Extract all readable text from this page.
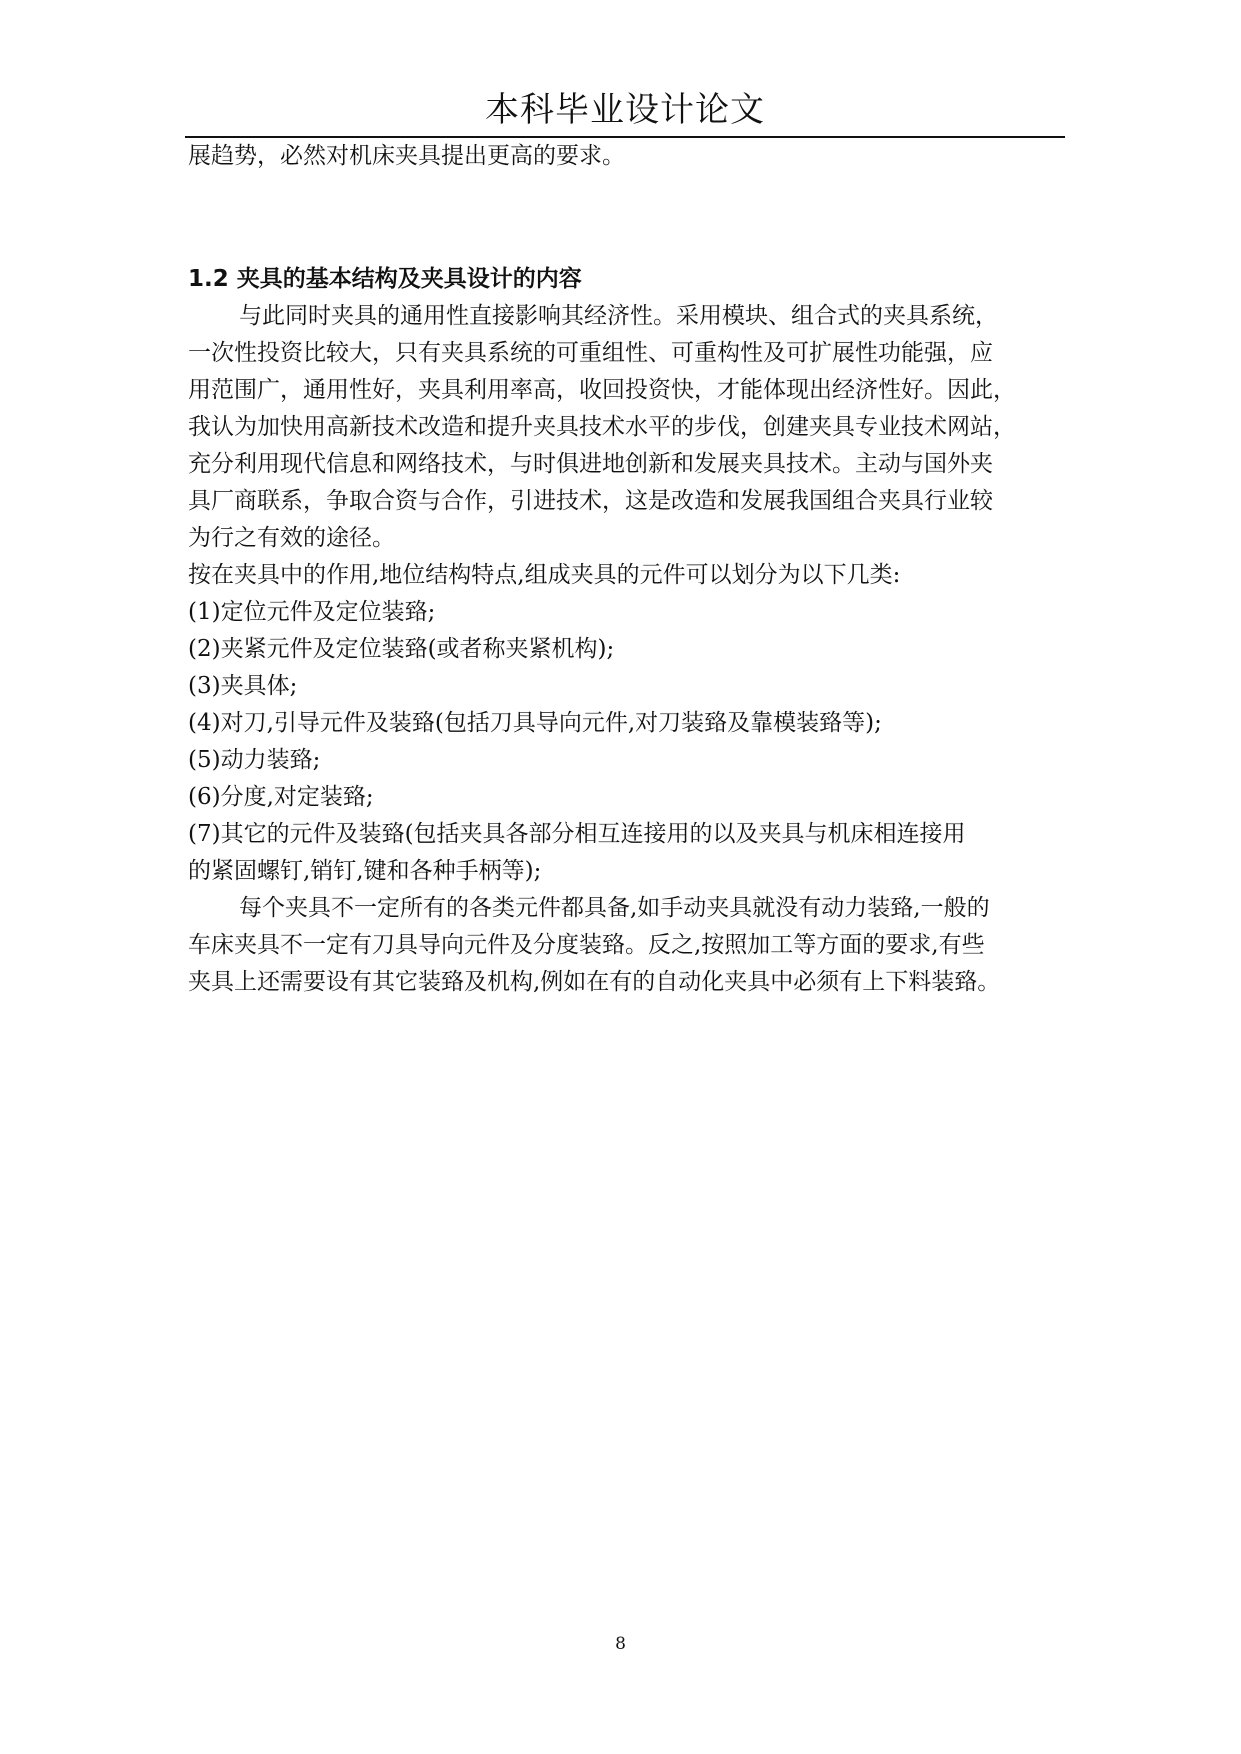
本科毕业设计论文
展趋势，必然对机床夹具提出更高的要求。
1.2 夹具的基本结构及夹具设计的内容
与此同时夹具的通用性直接影响其经济性。采用模块、组合式的夹具系统，
一次性投资比较大，只有夹具系统的可重组性、可重构性及可扩展性功能强，应
用范围广，通用性好，夹具利用率高，收回投资快，才能体现出经济性好。因此，
我认为加快用高新技术改造和提升夹具技术水平的步伐，创建夹具专业技术网站，
充分利用现代信息和网络技术，与时俱进地创新和发展夹具技术。主动与国外夹
具厂商联系，争取合资与合作，引进技术，这是改造和发展我国组合夹具行业较
为行之有效的途径。
按在夹具中的作用,地位结构特点,组成夹具的元件可以划分为以下几类:
(1)定位元件及定位装臵;
(2)夹紧元件及定位装臵(或者称夹紧机构);
(3)夹具体;
(4)对刀,引导元件及装臵(包括刀具导向元件,对刀装臵及靠模装臵等);
(5)动力装臵;
(6)分度,对定装臵;
(7)其它的元件及装臵(包括夹具各部分相互连接用的以及夹具与机床相连接用
的紧固螺钉,销钉,键和各种手柄等);
每个夹具不一定所有的各类元件都具备,如手动夹具就没有动力装臵,一般的
车床夹具不一定有刀具导向元件及分度装臵。反之,按照加工等方面的要求,有些
夹具上还需要设有其它装臵及机构,例如在有的自动化夹具中必须有上下料装臵。
8
